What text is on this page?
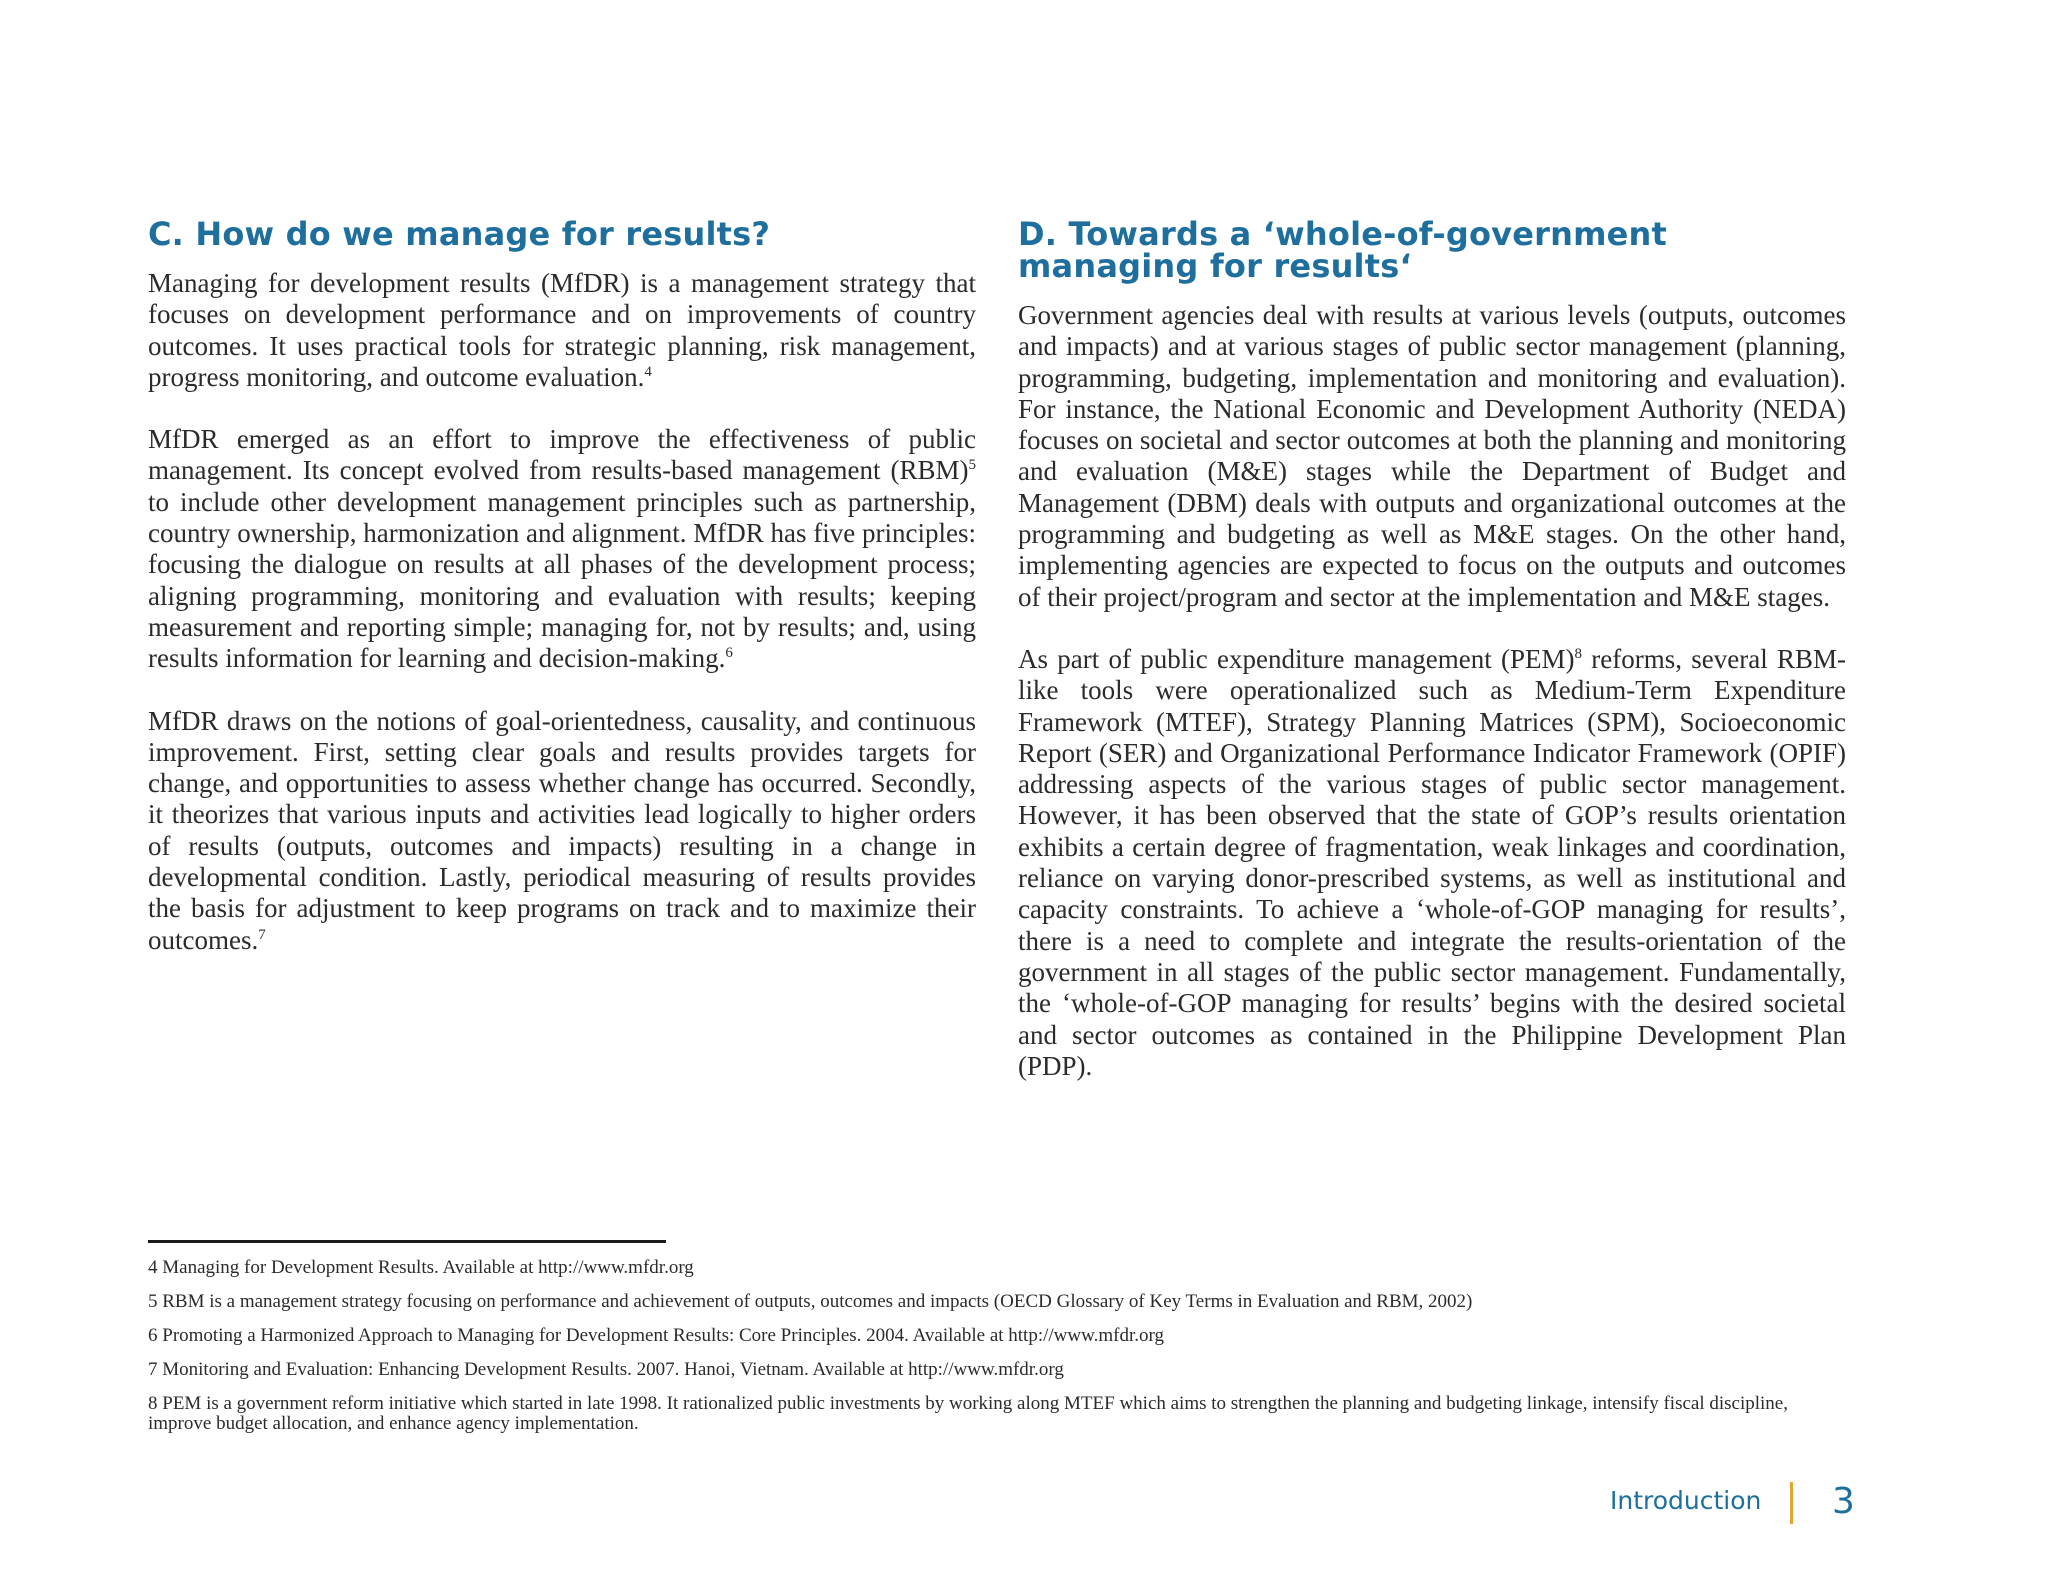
C. How do we manage for results?

Managing for development results (MfDR) is a management strategy that focuses on development performance and on improvements of country outcomes. It uses practical tools for strategic planning, risk management, progress monitoring, and outcome evaluation.$^4$

MfDR emerged as an effort to improve the effectiveness of public management. Its concept evolved from results-based management (RBM)$^5$ to include other development management principles such as partnership, country ownership, harmonization and alignment. MfDR has five principles: focusing the dialogue on results at all phases of the development process; aligning programming, monitoring and evaluation with results; keeping measurement and reporting simple; managing for, not by results; and, using results information for learning and decision-making.$^6$

MfDR draws on the notions of goal-orientedness, causality, and continuous improvement. First, setting clear goals and results provides targets for change, and opportunities to assess whether change has occurred. Secondly, it theorizes that various inputs and activities lead logically to higher orders of results (outputs, outcomes and impacts) resulting in a change in developmental condition. Lastly, periodical measuring of results provides the basis for adjustment to keep programs on track and to maximize their outcomes.$^7$

D. Towards a ‘whole-of-government managing for results‘

Government agencies deal with results at various levels (outputs, outcomes and impacts) and at various stages of public sector management (planning, programming, budgeting, implementation and monitoring and evaluation). For instance, the National Economic and Development Authority (NEDA) focuses on societal and sector outcomes at both the planning and monitoring and evaluation (M&E) stages while the Department of Budget and Management (DBM) deals with outputs and organizational outcomes at the programming and budgeting as well as M&E stages. On the other hand, implementing agencies are expected to focus on the outputs and outcomes of their project/program and sector at the implementation and M&E stages.

As part of public expenditure management (PEM)$^8$ reforms, several RBM-like tools were operationalized such as Medium-Term Expenditure Framework (MTEF), Strategy Planning Matrices (SPM), Socioeconomic Report (SER) and Organizational Performance Indicator Framework (OPIF) addressing aspects of the various stages of public sector management. However, it has been observed that the state of GOP’s results orientation exhibits a certain degree of fragmentation, weak linkages and coordination, reliance on varying donor-prescribed systems, as well as institutional and capacity constraints. To achieve a ‘whole-of-GOP managing for results’, there is a need to complete and integrate the results-orientation of the government in all stages of the public sector management. Fundamentally, the ‘whole-of-GOP managing for results’ begins with the desired societal and sector outcomes as contained in the Philippine Development Plan (PDP).

4 Managing for Development Results. Available at http://www.mfdr.org

5 RBM is a management strategy focusing on performance and achievement of outputs, outcomes and impacts (OECD Glossary of Key Terms in Evaluation and RBM, 2002)

6 Promoting a Harmonized Approach to Managing for Development Results: Core Principles. 2004. Available at http://www.mfdr.org

7 Monitoring and Evaluation: Enhancing Development Results. 2007. Hanoi, Vietnam. Available at http://www.mfdr.org

8 PEM is a government reform initiative which started in late 1998. It rationalized public investments by working along MTEF which aims to strengthen the planning and budgeting linkage, intensify fiscal discipline, improve budget allocation, and enhance agency implementation.

Introduction 3
